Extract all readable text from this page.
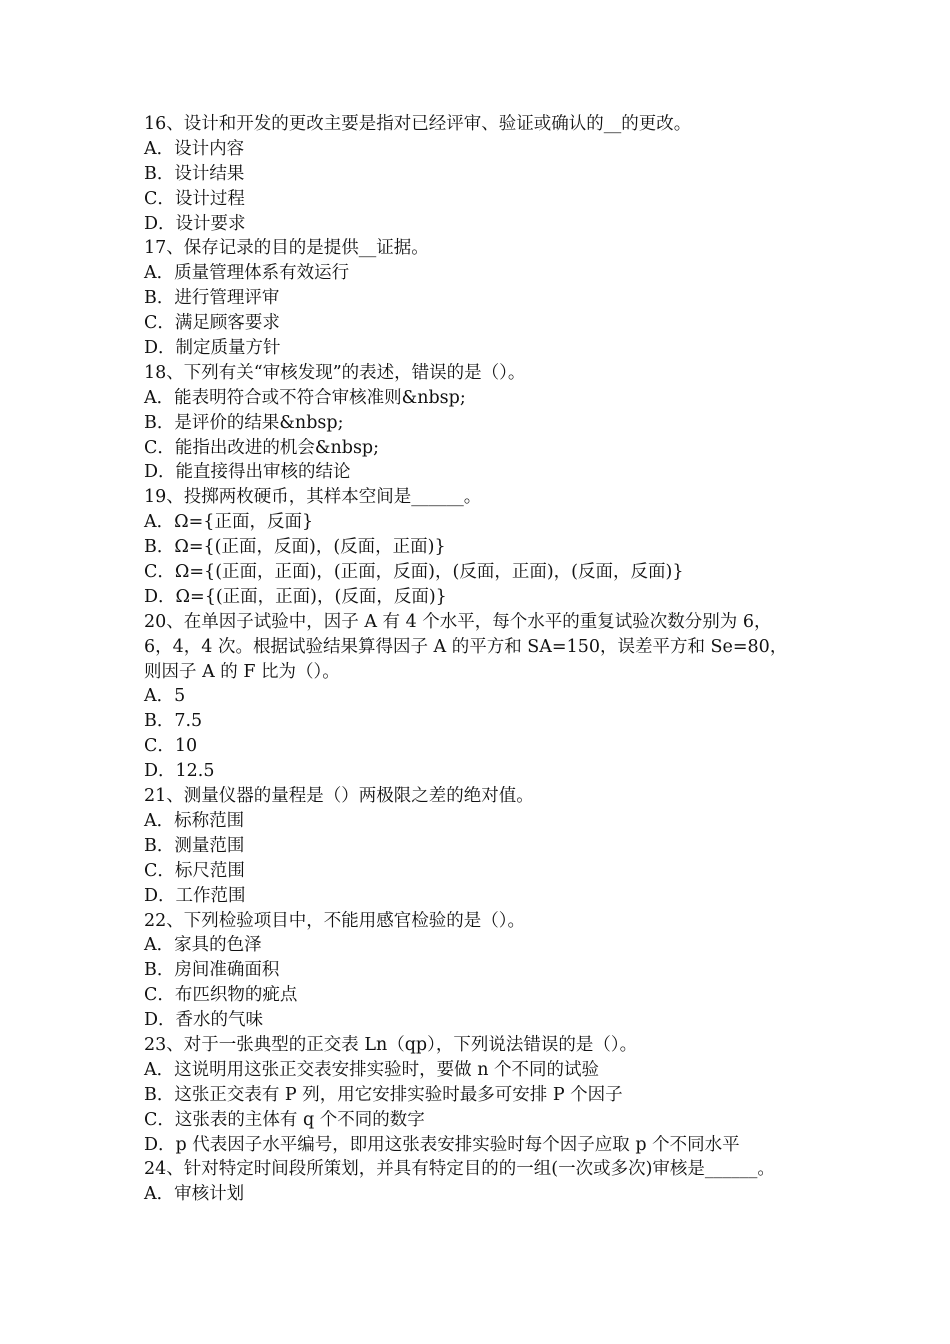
16、设计和开发的更改主要是指对已经评审、验证或确认的__的更改。
A．设计内容
B．设计结果
C．设计过程
D．设计要求
17、保存记录的目的是提供__证据。
A．质量管理体系有效运行
B．进行管理评审
C．满足顾客要求
D．制定质量方针
18、下列有关“审核发现”的表述，错误的是（）。
A．能表明符合或不符合审核准则&nbsp;
B．是评价的结果&nbsp;
C．能指出改进的机会&nbsp;
D．能直接得出审核的结论
19、投掷两枚硬币，其样本空间是______。
A．Ω={正面，反面}
B．Ω={(正面，反面)，(反面，正面)}
C．Ω={(正面，正面)，(正面，反面)，(反面，正面)，(反面，反面)}
D．Ω={(正面，正面)，(反面，反面)}
20、在单因子试验中，因子 A 有 4 个水平，每个水平的重复试验次数分别为 6，
6，4，4 次。根据试验结果算得因子 A 的平方和 SA=150，误差平方和 Se=80，
则因子 A 的 F 比为（）。
A．5
B．7.5
C．10
D．12.5
21、测量仪器的量程是（）两极限之差的绝对值。
A．标称范围
B．测量范围
C．标尺范围
D．工作范围
22、下列检验项目中，不能用感官检验的是（）。
A．家具的色泽
B．房间准确面积
C．布匹织物的疵点
D．香水的气味
23、对于一张典型的正交表 Ln（qp），下列说法错误的是（）。
A．这说明用这张正交表安排实验时，要做 n 个不同的试验
B．这张正交表有 P 列，用它安排实验时最多可安排 P 个因子
C．这张表的主体有 q 个不同的数字
D．p 代表因子水平编号，即用这张表安排实验时每个因子应取 p 个不同水平
24、针对特定时间段所策划，并具有特定目的的一组(一次或多次)审核是______。
A．审核计划
